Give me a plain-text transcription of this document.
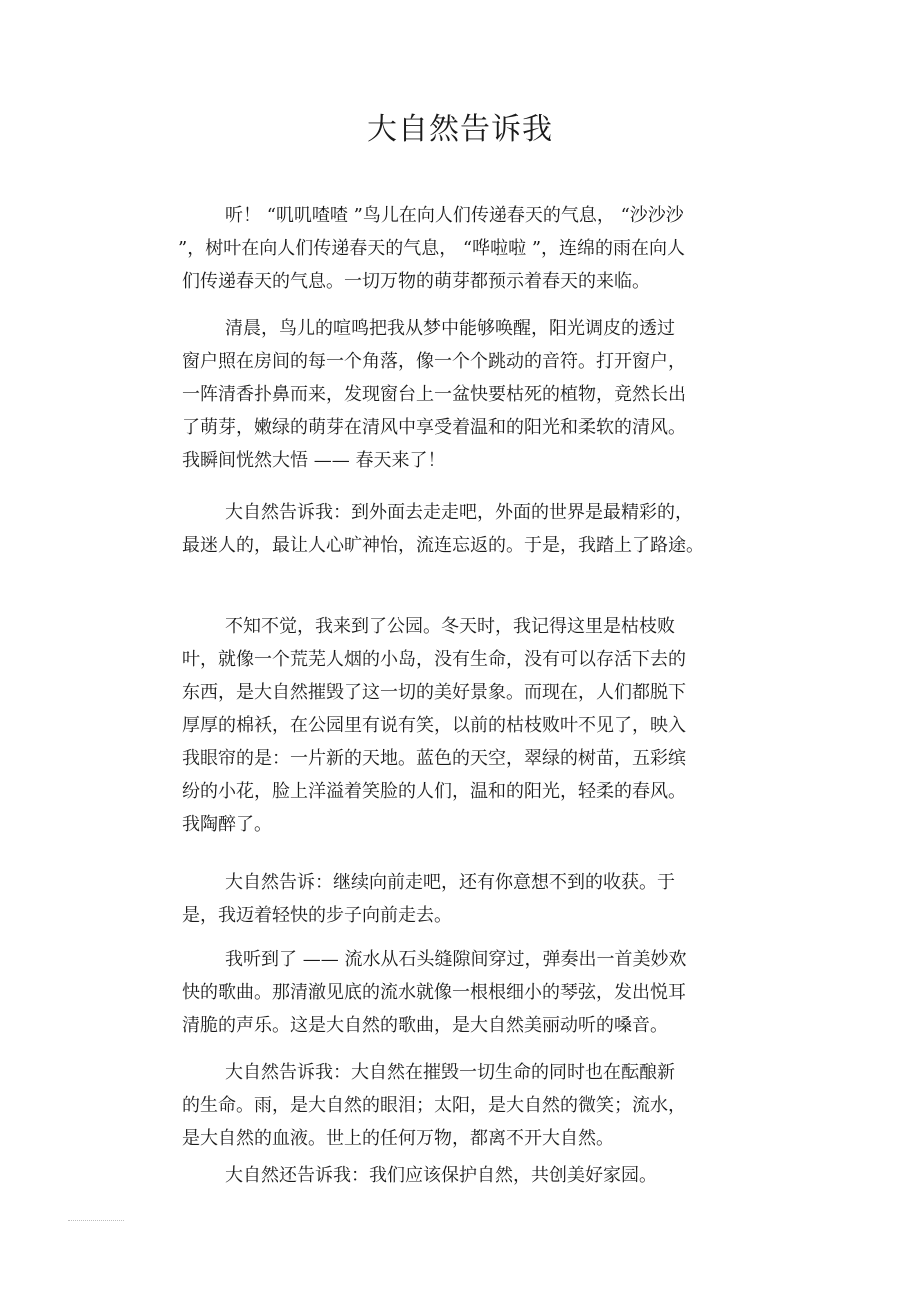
大自然告诉我
听！ “叽叽喳喳 ”鸟儿在向人们传递春天的气息， “沙沙沙
”，树叶在向人们传递春天的气息， “哗啦啦 ”，连绵的雨在向人
们传递春天的气息。一切万物的萌芽都预示着春天的来临。
清晨，鸟儿的喧鸣把我从梦中能够唤醒，阳光调皮的透过
窗户照在房间的每一个角落，像一个个跳动的音符。打开窗户，
一阵清香扑鼻而来，发现窗台上一盆快要枯死的植物，竟然长出
了萌芽，嫩绿的萌芽在清风中享受着温和的阳光和柔软的清风。
我瞬间恍然大悟 —— 春天来了！
大自然告诉我：到外面去走走吧，外面的世界是最精彩的，
最迷人的，最让人心旷神怡，流连忘返的。于是，我踏上了路途。
不知不觉，我来到了公园。冬天时，我记得这里是枯枝败
叶，就像一个荒芜人烟的小岛，没有生命，没有可以存活下去的
东西，是大自然摧毁了这一切的美好景象。而现在，人们都脱下
厚厚的棉袄，在公园里有说有笑，以前的枯枝败叶不见了，映入
我眼帘的是：一片新的天地。蓝色的天空，翠绿的树苗，五彩缤
纷的小花，脸上洋溢着笑脸的人们，温和的阳光，轻柔的春风。
我陶醉了。
大自然告诉：继续向前走吧，还有你意想不到的收获。于
是，我迈着轻快的步子向前走去。
我听到了 —— 流水从石头缝隙间穿过，弹奏出一首美妙欢
快的歌曲。那清澈见底的流水就像一根根细小的琴弦，发出悦耳
清脆的声乐。这是大自然的歌曲，是大自然美丽动听的嗓音。
大自然告诉我：大自然在摧毁一切生命的同时也在酝酿新
的生命。雨，是大自然的眼泪；太阳，是大自然的微笑；流水，
是大自然的血液。世上的任何万物，都离不开大自然。
大自然还告诉我：我们应该保护自然，共创美好家园。
